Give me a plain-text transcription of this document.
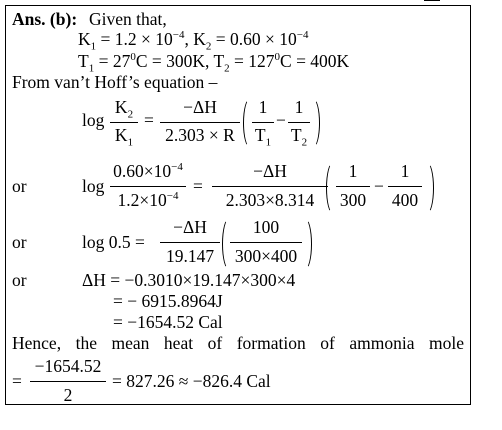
Ans. (b): Given that,
$K_1 = 1.2 \times 10^{-4}$, $K_2 = 0.60 \times 10^{-4}$
$T_1 = 27^0C = 300K$, $T_2 = 127^0C = 400K$
From van’t Hoff’s equation –
log
$K_2$
$K_1$
=
−ΔH
2.303 × R
1
$T_1$
−
1
$T_2$
or	log
$0.60\times 10^{-4}$
$1.2\times 10^{-4}$
=
−ΔH
2.303×8.314
1
300
−
1
400
or	log 0.5 =
−ΔH
19.147
100
300×400
or	ΔH = −0.3010×19.147×300×4
= − 6915.8964J
= −1654.52 Cal
Hence, the mean heat of formation of ammonia mole
=
−1654.52
2
= 827.26 ≈ −826.4 Cal
